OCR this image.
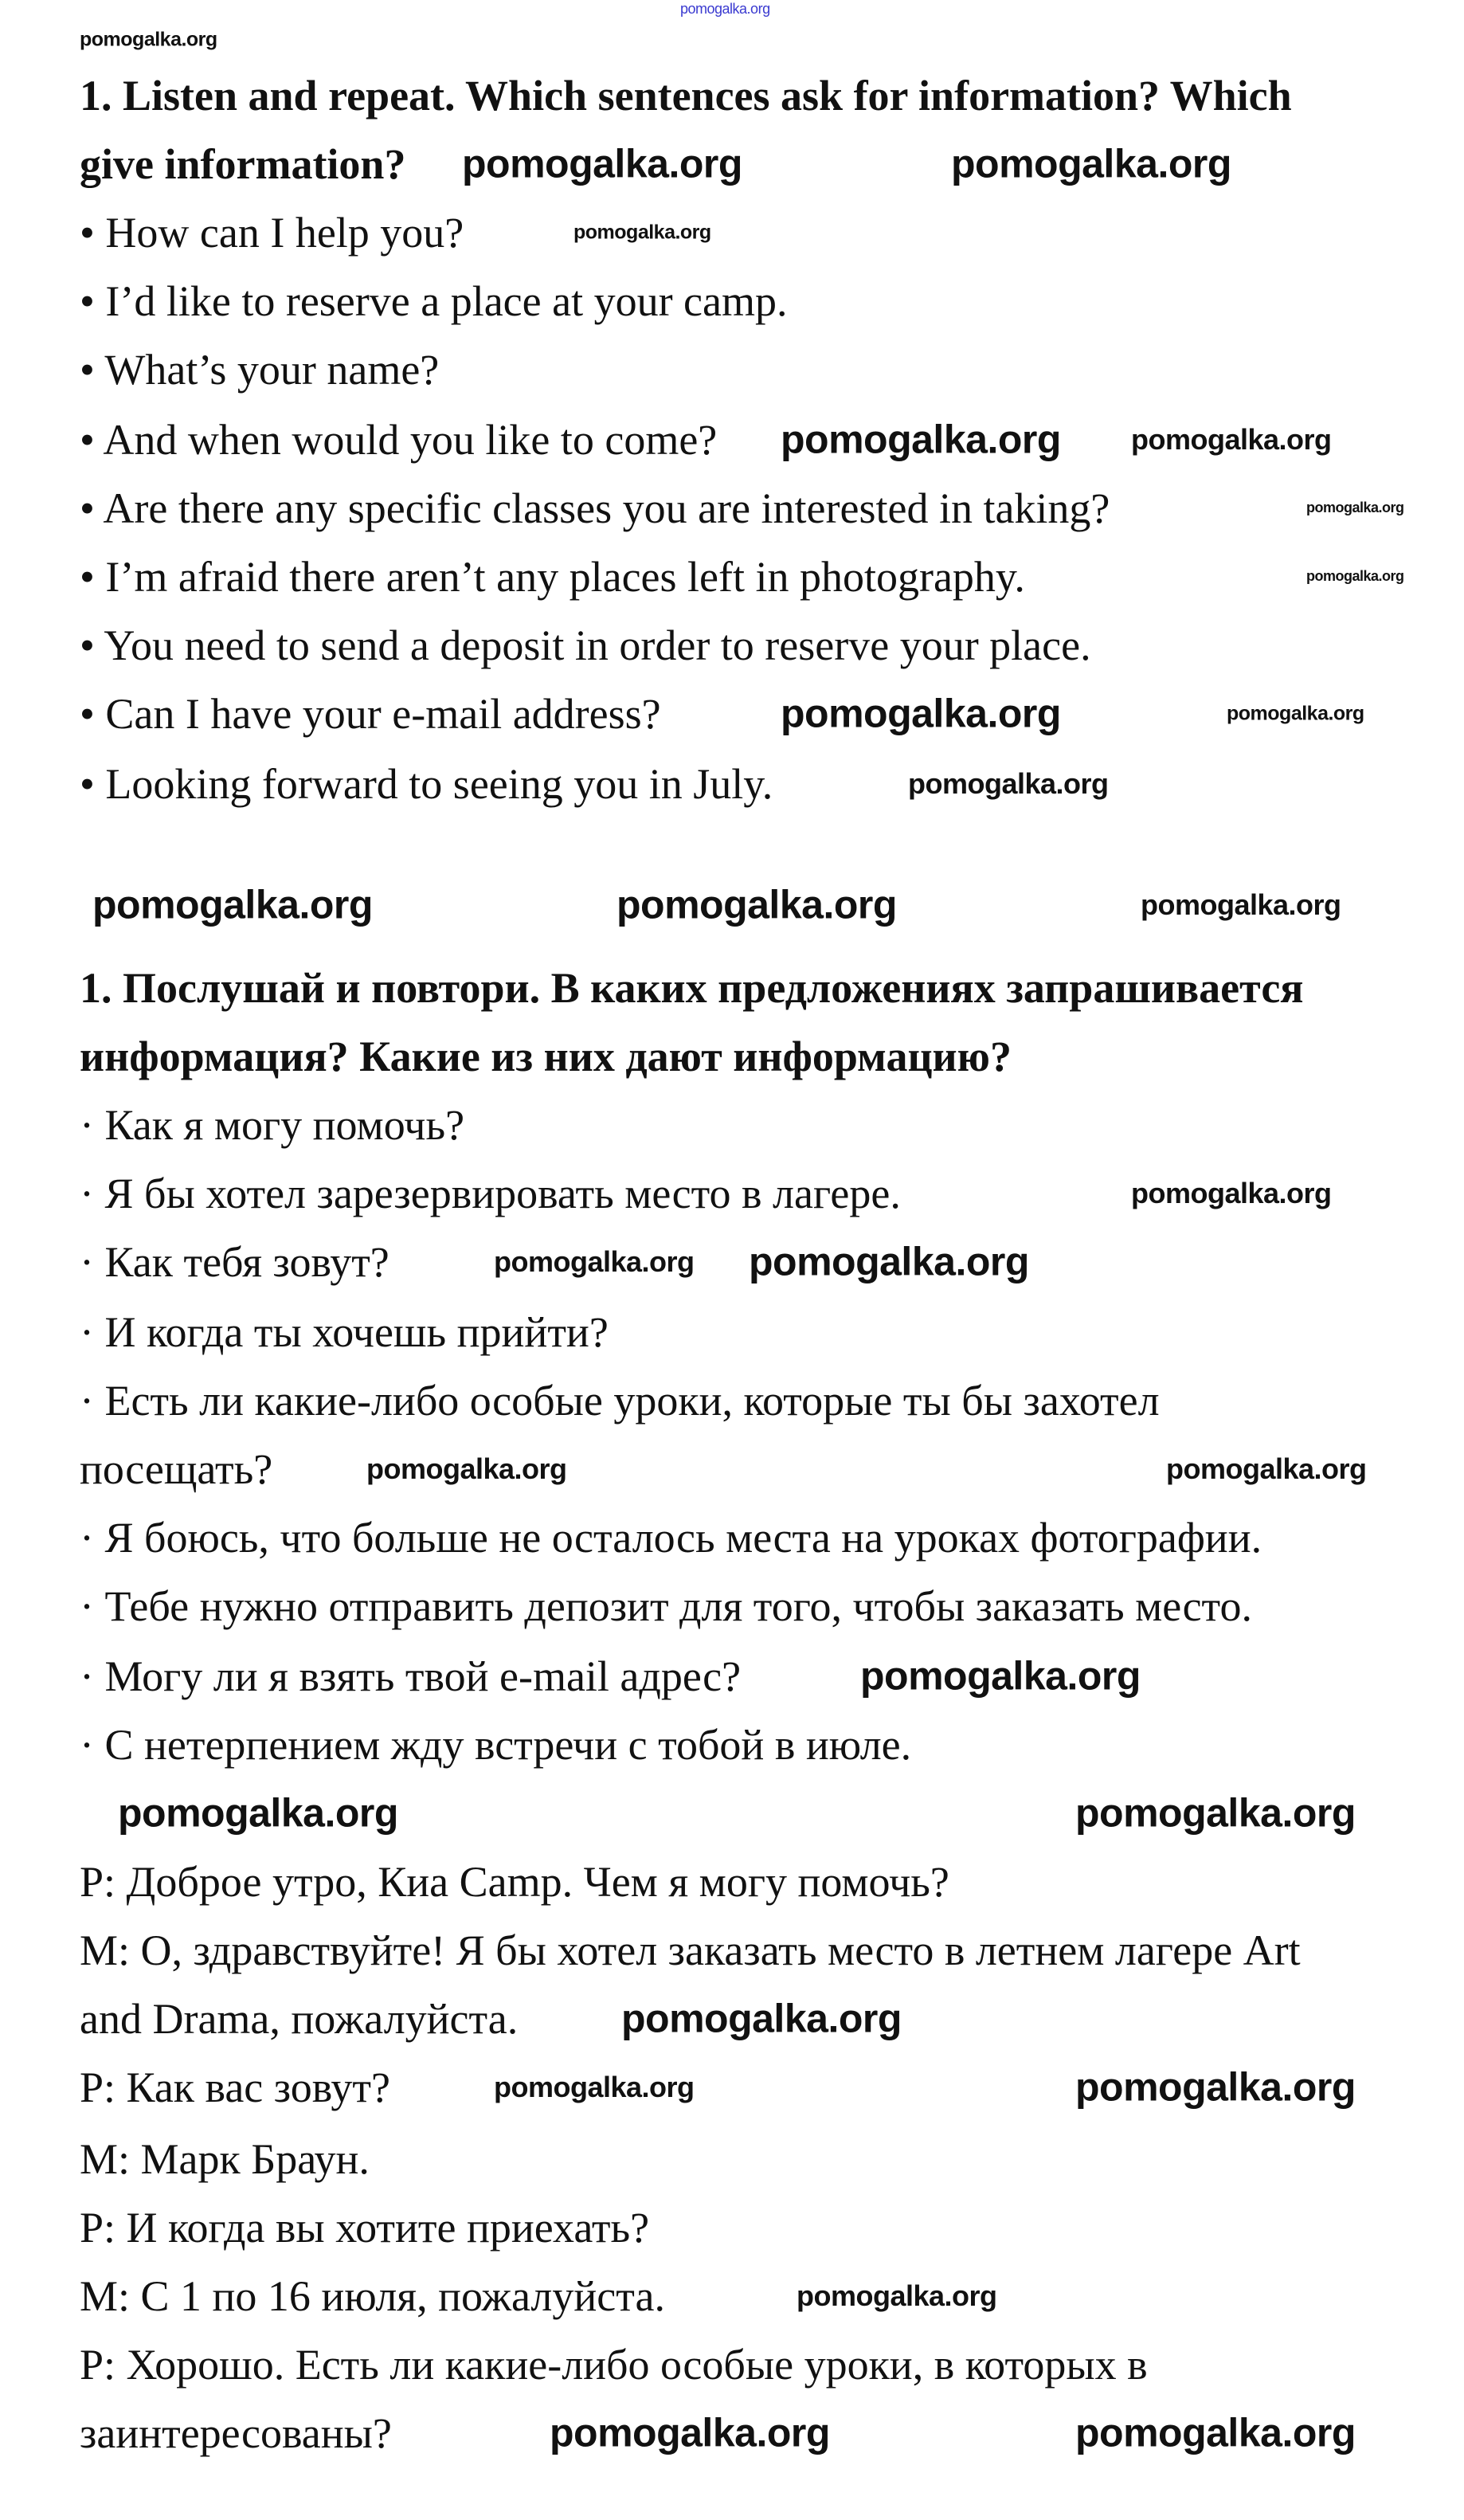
1. Listen and repeat. Which sentences ask for information? Which
give information?
• How can I help you?
• I’d like to reserve a place at your camp.
• What’s your name?
• And when would you like to come?
• Are there any specific classes you are interested in taking?
• I’m afraid there aren’t any places left in photography.
• You need to send a deposit in order to reserve your place.
• Can I have your e-mail address?
• Looking forward to seeing you in July.
1. Послушай и повтори. В каких предложениях запрашивается
информация? Какие из них дают информацию?
· Как я могу помочь?
· Я бы хотел зарезервировать место в лагере.
· Как тебя зовут?
· И когда ты хочешь прийти?
· Есть ли какие-либо особые уроки, которые ты бы захотел
посещать?
· Я боюсь, что больше не осталось места на уроках фотографии.
· Тебе нужно отправить депозит для того, чтобы заказать место.
· Могу ли я взять твой e-mail адрес?
· С нетерпением жду встречи с тобой в июле.
P: Доброе утро, Киа Camp. Чем я могу помочь?
M: О, здравствуйте! Я бы хотел заказать место в летнем лагере Art
and Drama, пожалуйста.
P: Как вас зовут?
M: Марк Браун.
P: И когда вы хотите приехать?
M: С 1 по 16 июля, пожалуйста.
P: Хорошо. Есть ли какие-либо особые уроки, в которых в
заинтересованы?
pomogalka.org
pomogalka.org
pomogalka.org	pomogalka.org
pomogalka.org
pomogalka.org pomogalka.org
pomogalka.org
pomogalka.org
pomogalka.org
pomogalka.org	pomogalka.org
pomogalka.org	pomogalka.org	pomogalka.org
pomogalka.org
pomogalka.org
pomogalka.org
pomogalka.org	pomogalka.org
pomogalka.org
pomogalka.org	pomogalka.org
pomogalka.org
pomogalka.org
pomogalka.org
pomogalka.org
pomogalka.org	pomogalka.org
